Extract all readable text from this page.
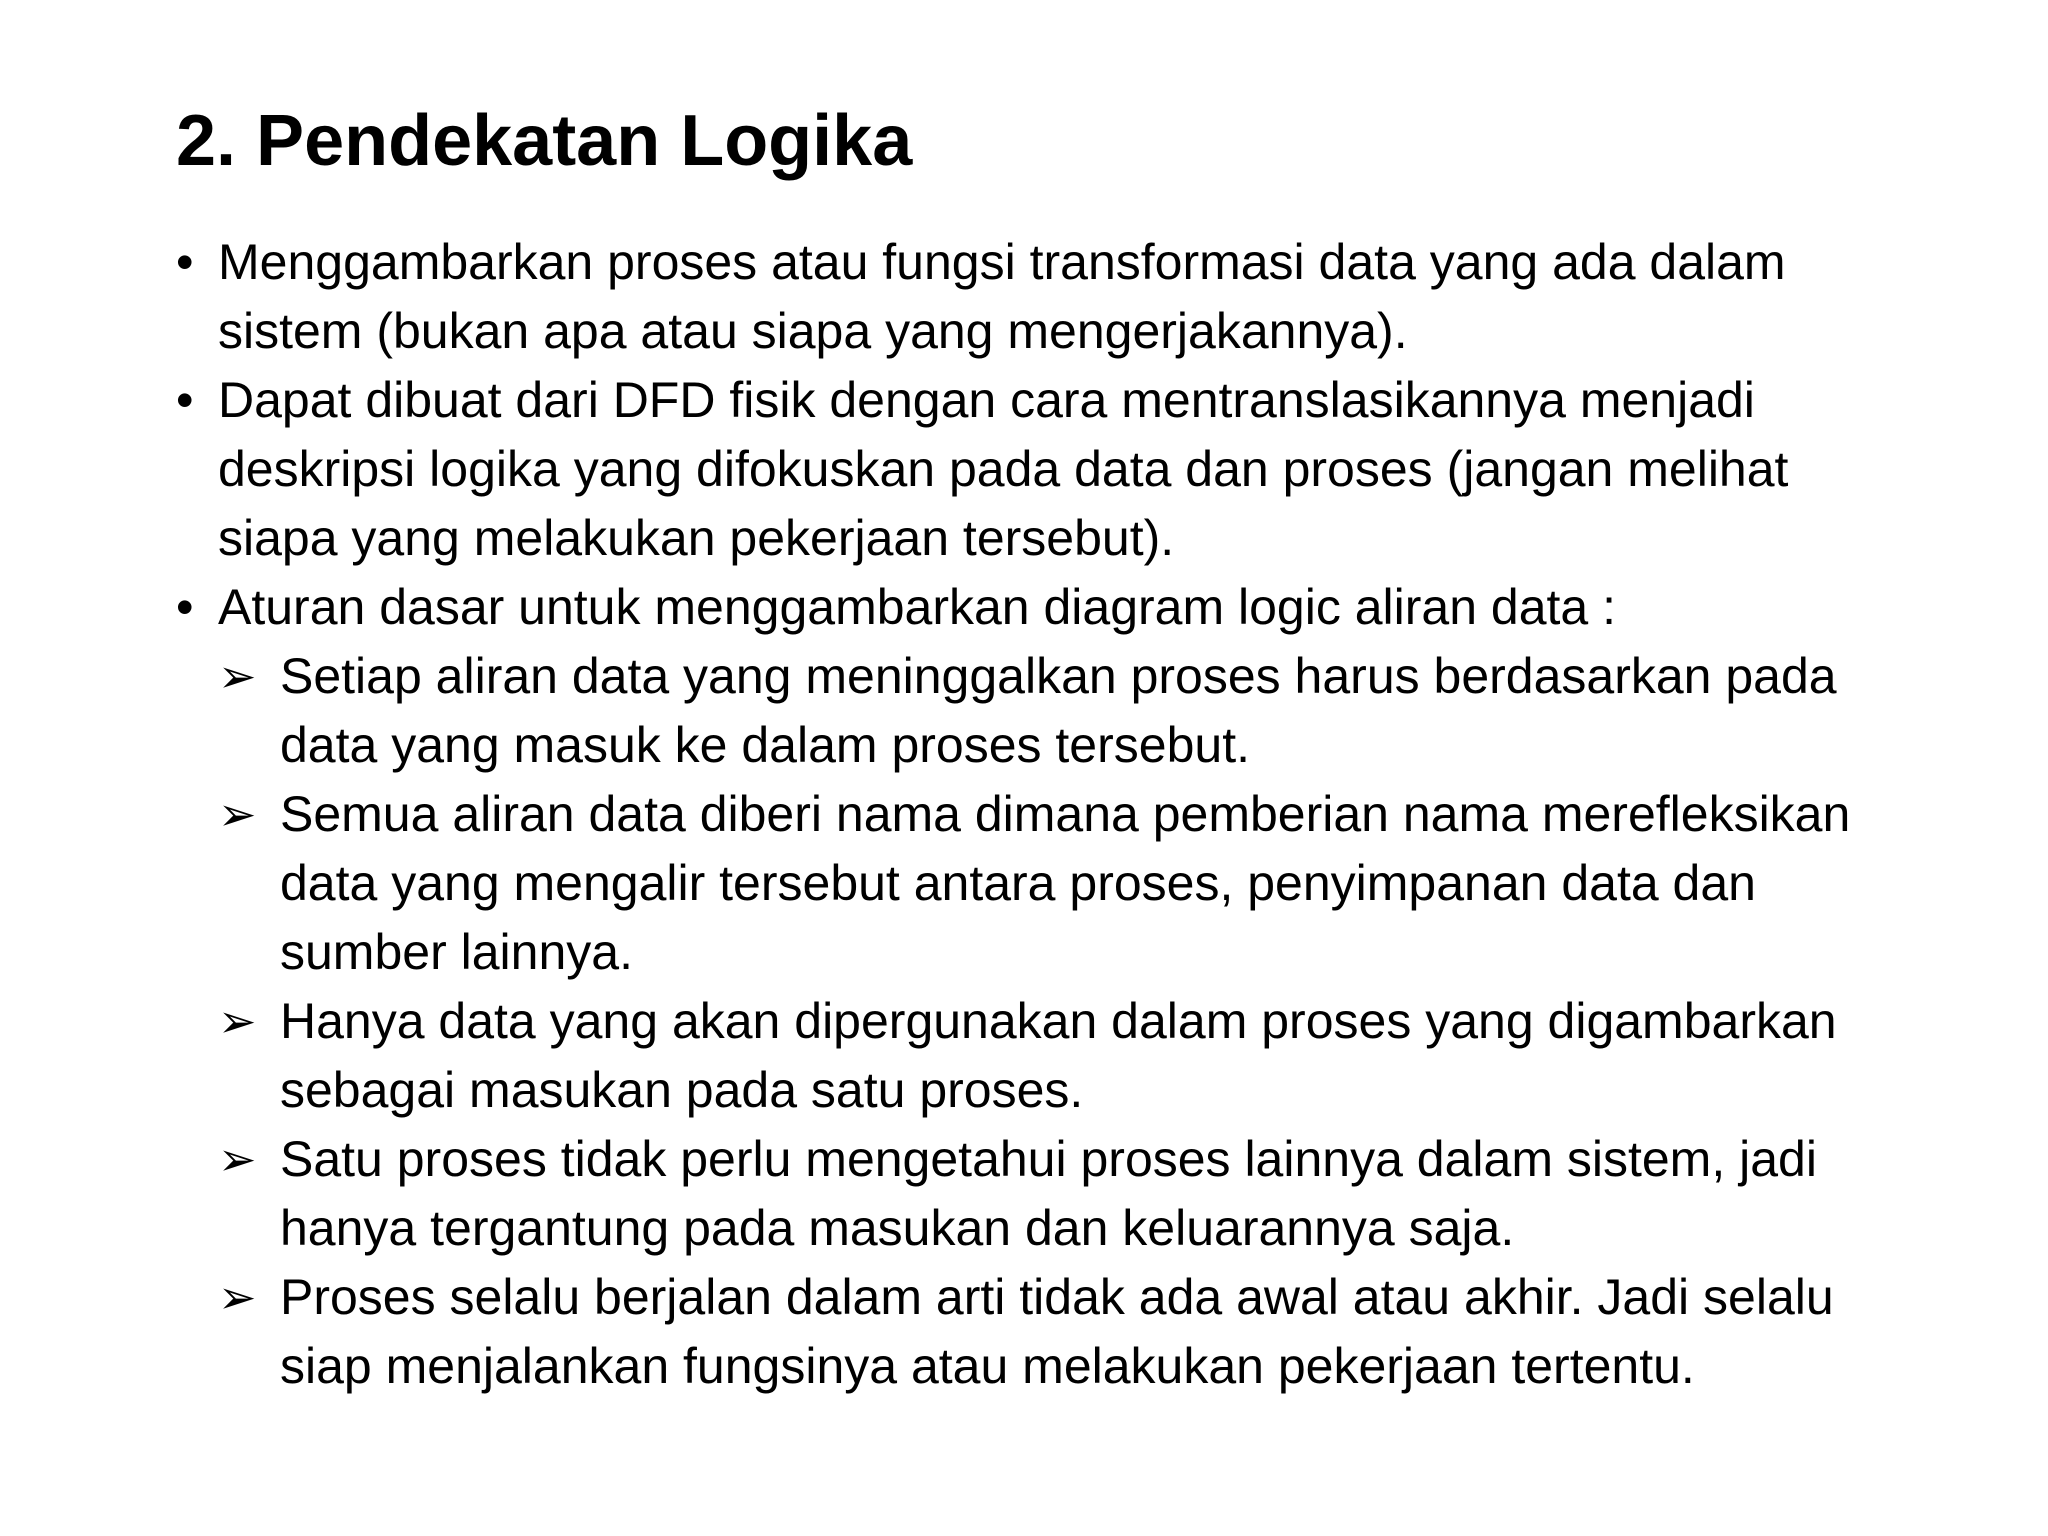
2. Pendekatan Logika
• Menggambarkan proses atau fungsi transformasi data yang ada dalam sistem (bukan apa atau siapa yang mengerjakannya).
• Dapat dibuat dari DFD fisik dengan cara mentranslasikannya menjadi deskripsi logika yang difokuskan pada data dan proses (jangan melihat siapa yang melakukan pekerjaan tersebut).
• Aturan dasar untuk menggambarkan diagram logic aliran data :
➢ Setiap aliran data yang meninggalkan proses harus berdasarkan pada data yang masuk ke dalam proses tersebut.
➢ Semua aliran data diberi nama dimana pemberian nama merefleksikan data yang mengalir tersebut antara proses, penyimpanan data dan sumber lainnya.
➢ Hanya data yang akan dipergunakan dalam proses yang digambarkan sebagai masukan pada satu proses.
➢ Satu proses tidak perlu mengetahui proses lainnya dalam sistem, jadi hanya tergantung pada masukan dan keluarannya saja.
➢ Proses selalu berjalan dalam arti tidak ada awal atau akhir. Jadi selalu siap menjalankan fungsinya atau melakukan pekerjaan tertentu.
